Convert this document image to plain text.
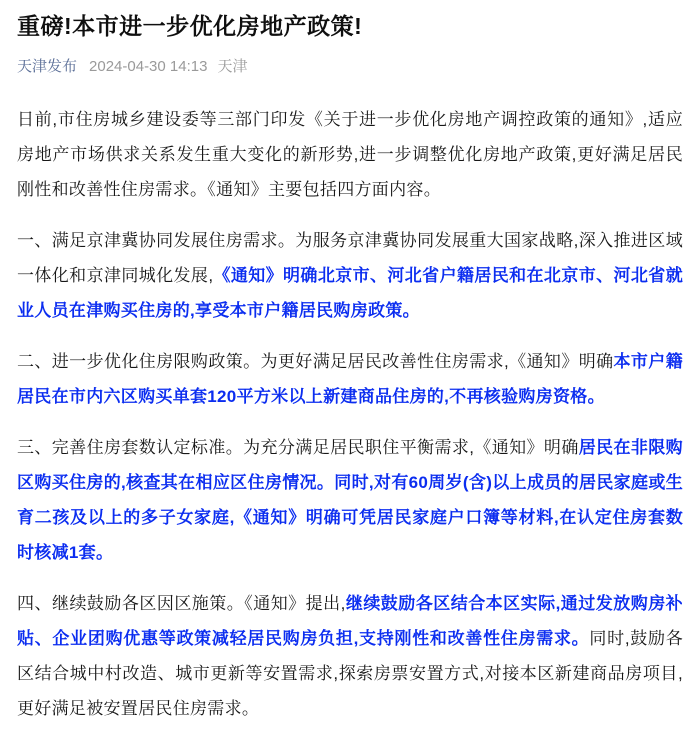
重磅!本市进一步优化房地产政策!
天津发布 2024-04-30 14:13 天津

日前,市住房城乡建设委等三部门印发《关于进一步优化房地产调控政策的通知》,适应房地产市场供求关系发生重大变化的新形势,进一步调整优化房地产政策,更好满足居民刚性和改善性住房需求。《通知》主要包括四方面内容。

一、满足京津冀协同发展住房需求。为服务京津冀协同发展重大国家战略,深入推进区域一体化和京津同城化发展,《通知》明确北京市、河北省户籍居民和在北京市、河北省就业人员在津购买住房的,享受本市户籍居民购房政策。

二、进一步优化住房限购政策。为更好满足居民改善性住房需求,《通知》明确本市户籍居民在市内六区购买单套120平方米以上新建商品住房的,不再核验购房资格。

三、完善住房套数认定标准。为充分满足居民职住平衡需求,《通知》明确居民在非限购区购买住房的,核查其在相应区住房情况。同时,对有60周岁(含)以上成员的居民家庭或生育二孩及以上的多子女家庭,《通知》明确可凭居民家庭户口簿等材料,在认定住房套数时核减1套。

四、继续鼓励各区因区施策。《通知》提出,继续鼓励各区结合本区实际,通过发放购房补贴、企业团购优惠等政策减轻居民购房负担,支持刚性和改善性住房需求。同时,鼓励各区结合城中村改造、城市更新等安置需求,探索房票安置方式,对接本区新建商品房项目,更好满足被安置居民住房需求。
